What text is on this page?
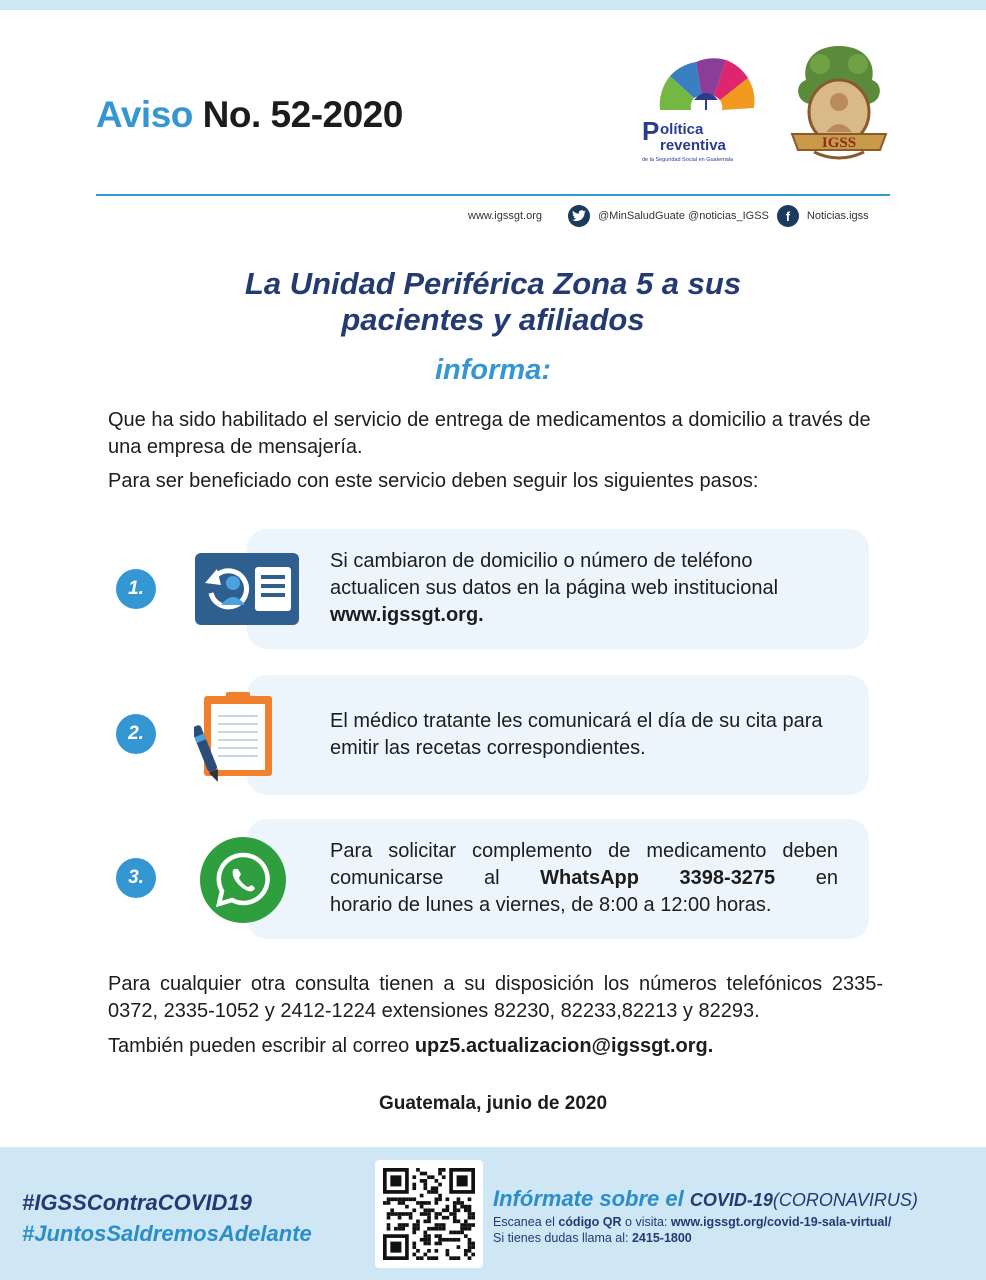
Aviso No. 52-2020	P olítica
reventiva
de la Seguridad Social en Guatemala
IGSS
www.igssgt.org	@MinSaludGuate @noticias_IGSS	f	Noticias.igss
La Unidad Periférica Zona 5 a sus
pacientes y afiliados
informa:
Que ha sido habilitado el servicio de entrega de medicamentos a domicilio a través de una empresa de mensajería.
Para ser beneficiado con este servicio deben seguir los siguientes pasos:
1.
2.
3.
Si cambiaron de domicilio o número de teléfono actualicen sus datos en la página web institucional www.igssgt.org.
El médico tratante les comunicará el día de su cita para emitir las recetas correspondientes.
Para solicitar complemento de medicamento deben comunicarse al WhatsApp 3398-3275 en
horario de lunes a viernes, de 8:00 a 12:00 horas.
Para cualquier otra consulta tienen a su disposición los números telefónicos 2335-0372, 2335-1052 y 2412-1224 extensiones 82230, 82233,82213 y 82293.
También pueden escribir al correo upz5.actualizacion@igssgt.org.
Guatemala, junio de 2020
#IGSSContraCOVID19
#JuntosSaldremosAdelante
Infórmate sobre el COVID-19(CORONAVIRUS)
Escanea el código QR o visita: www.igssgt.org/covid-19-sala-virtual/
Si tienes dudas llama al: 2415-1800
